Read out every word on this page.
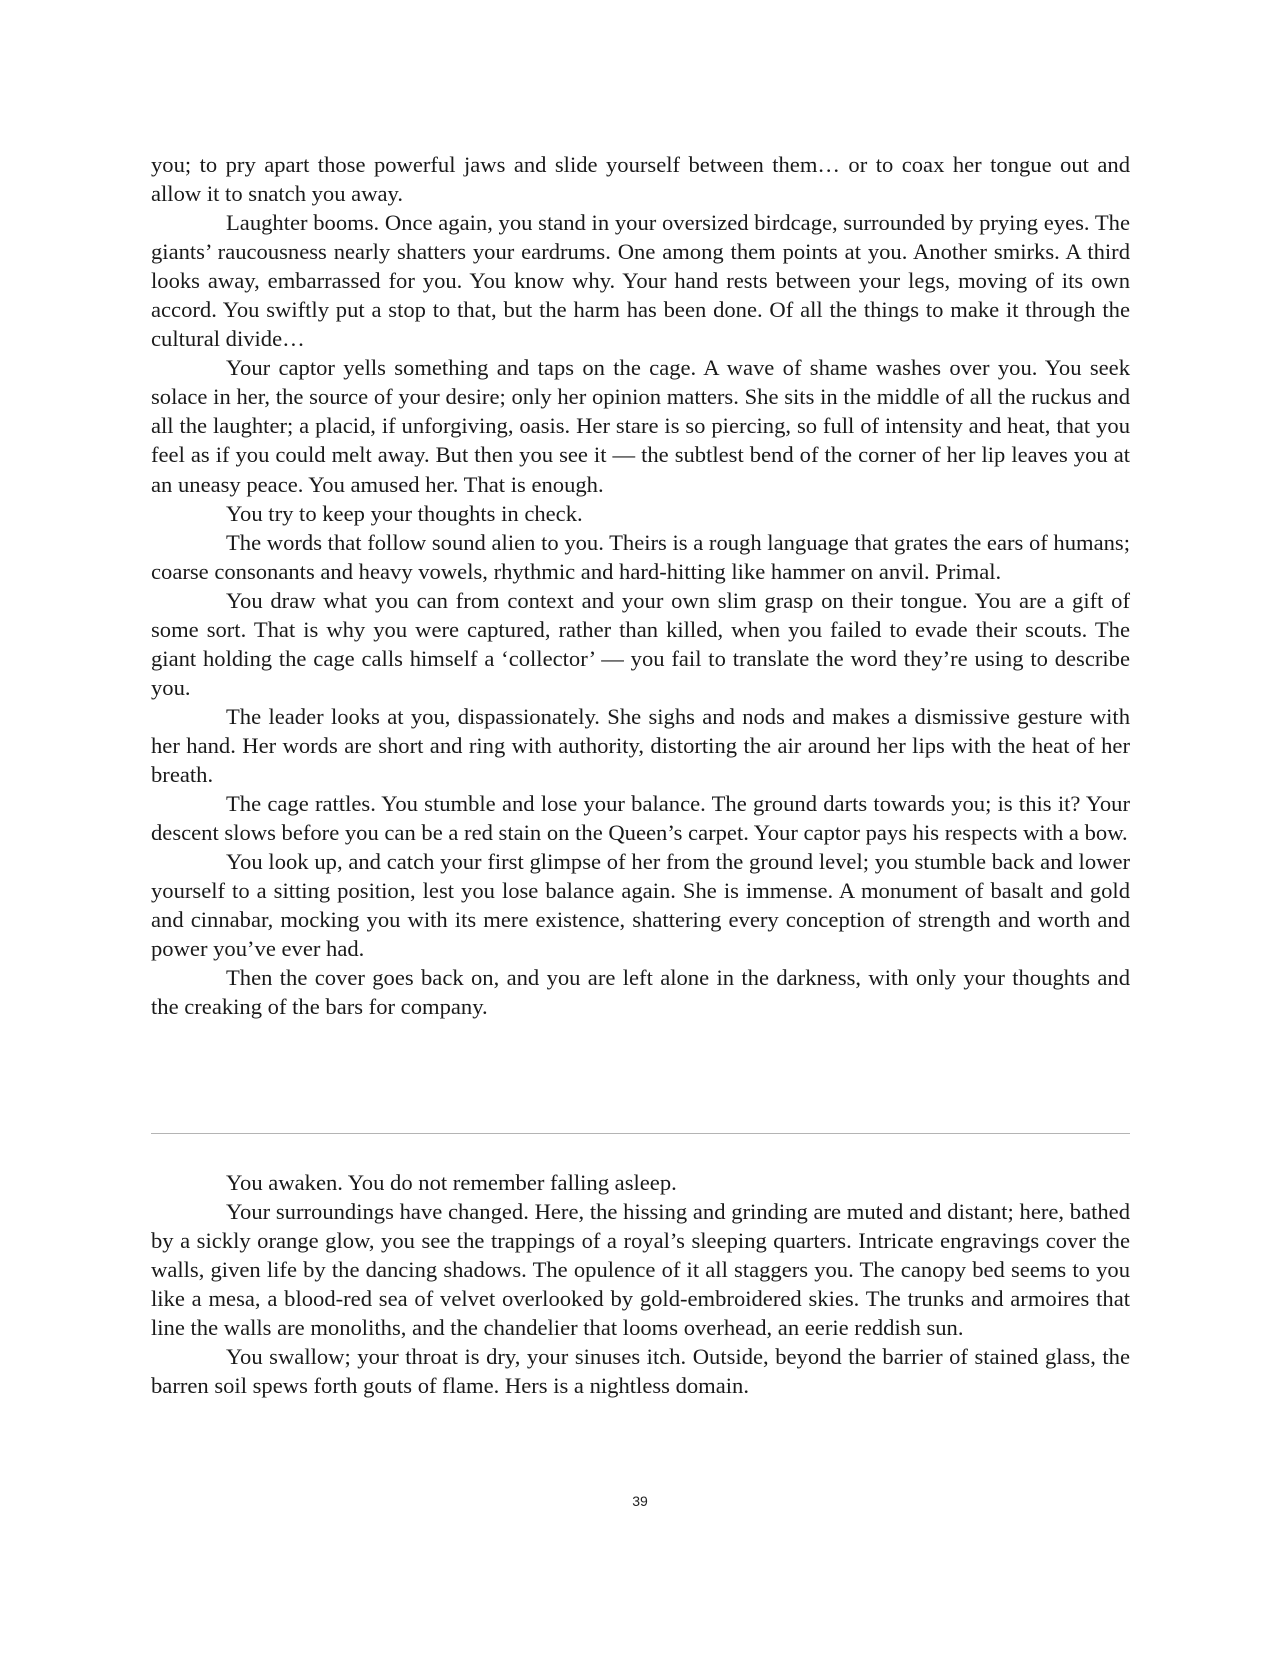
you; to pry apart those powerful jaws and slide yourself between them… or to coax her tongue out and allow it to snatch you away.

Laughter booms. Once again, you stand in your oversized birdcage, surrounded by prying eyes. The giants’ raucousness nearly shatters your eardrums. One among them points at you. Another smirks. A third looks away, embarrassed for you. You know why. Your hand rests between your legs, moving of its own accord. You swiftly put a stop to that, but the harm has been done. Of all the things to make it through the cultural divide…

Your captor yells something and taps on the cage. A wave of shame washes over you. You seek solace in her, the source of your desire; only her opinion matters. She sits in the middle of all the ruckus and all the laughter; a placid, if unforgiving, oasis. Her stare is so piercing, so full of intensity and heat, that you feel as if you could melt away. But then you see it — the subtlest bend of the corner of her lip leaves you at an uneasy peace. You amused her. That is enough.

You try to keep your thoughts in check.

The words that follow sound alien to you. Theirs is a rough language that grates the ears of humans; coarse consonants and heavy vowels, rhythmic and hard-hitting like hammer on anvil. Primal.

You draw what you can from context and your own slim grasp on their tongue. You are a gift of some sort. That is why you were captured, rather than killed, when you failed to evade their scouts. The giant holding the cage calls himself a ‘collector’ — you fail to translate the word they’re using to describe you.

The leader looks at you, dispassionately. She sighs and nods and makes a dismissive gesture with her hand. Her words are short and ring with authority, distorting the air around her lips with the heat of her breath.

The cage rattles. You stumble and lose your balance. The ground darts towards you; is this it? Your descent slows before you can be a red stain on the Queen’s carpet. Your captor pays his respects with a bow.

You look up, and catch your first glimpse of her from the ground level; you stumble back and lower yourself to a sitting position, lest you lose balance again. She is immense. A monument of basalt and gold and cinnabar, mocking you with its mere existence, shattering every conception of strength and worth and power you’ve ever had.

Then the cover goes back on, and you are left alone in the darkness, with only your thoughts and the creaking of the bars for company.

You awaken. You do not remember falling asleep.

Your surroundings have changed. Here, the hissing and grinding are muted and distant; here, bathed by a sickly orange glow, you see the trappings of a royal’s sleeping quarters. Intricate engravings cover the walls, given life by the dancing shadows. The opulence of it all staggers you. The canopy bed seems to you like a mesa, a blood-red sea of velvet overlooked by gold-embroidered skies. The trunks and armoires that line the walls are monoliths, and the chandelier that looms overhead, an eerie reddish sun.

You swallow; your throat is dry, your sinuses itch. Outside, beyond the barrier of stained glass, the barren soil spews forth gouts of flame. Hers is a nightless domain.

39
